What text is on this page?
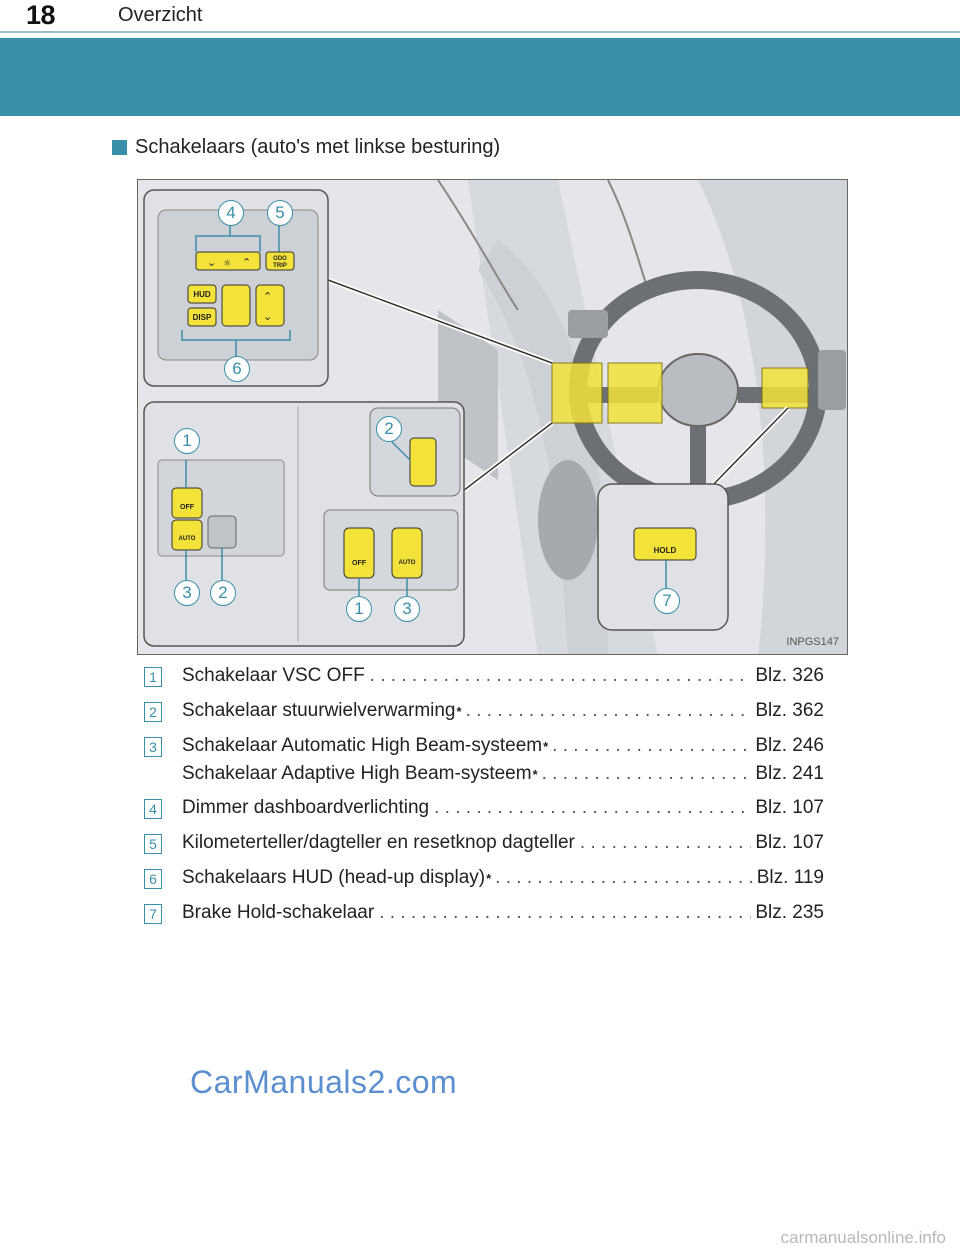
18	Overzicht
Schakelaars (auto's met linkse besturing)
⌄ ☼ ⌃
⌃
⌄
ODO TRIP
HUD
DISP
OFF
AUTO
OFF	AUTO
HOLD
4	5
6
1
3	2
2
1	3	7
INPGS147
1 Schakelaar VSC OFF . . .	Blz. 326
2 Schakelaar stuurwielverwarming * . . .	Blz. 362
3 Schakelaar Automatic High Beam-systeem * . . .	Blz. 246
Schakelaar Adaptive High Beam-systeem * . . .	Blz. 241
4 Dimmer dashboardverlichting . . .	Blz. 107
5 Kilometerteller/dagteller en resetknop dagteller . . .	Blz. 107
6 Schakelaars HUD (head-up display) * . . .	Blz. 119
7 Brake Hold-schakelaar . . .	Blz. 235
CarManuals2.com
carmanualsonline.info
